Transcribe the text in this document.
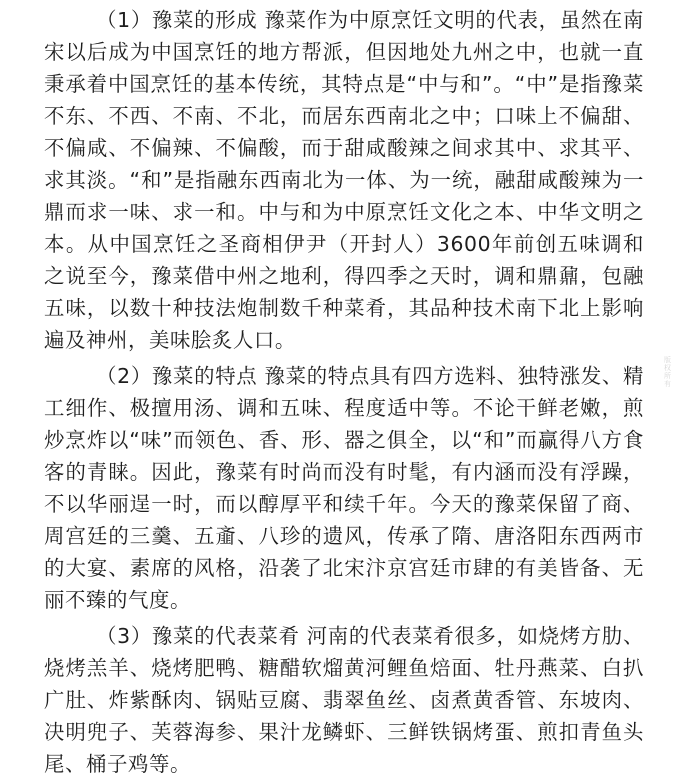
（1）豫菜的形成 豫菜作为中原烹饪文明的代表，虽然在南宋以后成为中国烹饪的地方帮派，但因地处九州之中，也就一直秉承着中国烹饪的基本传统，其特点是“中与和”。“中”是指豫菜不东、不西、不南、不北，而居东西南北之中；口味上不偏甜、不偏咸、不偏辣、不偏酸，而于甜咸酸辣之间求其中、求其平、求其淡。“和”是指融东西南北为一体、为一统，融甜咸酸辣为一鼎而求一味、求一和。中与和为中原烹饪文化之本、中华文明之本。从中国烹饪之圣商相伊尹（开封人）3600年前创五味调和之说至今，豫菜借中州之地利，得四季之天时，调和鼎鼐，包融五味，以数十种技法炮制数千种菜肴，其品种技术南下北上影响遍及神州，美味脍炙人口。

（2）豫菜的特点 豫菜的特点具有四方选料、独特涨发、精工细作、极擅用汤、调和五味、程度适中等。不论干鲜老嫩，煎炒烹炸以“味”而领色、香、形、器之俱全，以“和”而赢得八方食客的青睐。因此，豫菜有时尚而没有时髦，有内涵而没有浮躁，不以华丽逞一时，而以醇厚平和续千年。今天的豫菜保留了商、周宫廷的三羹、五齑、八珍的遗风，传承了隋、唐洛阳东西两市的大宴、素席的风格，沿袭了北宋汴京宫廷市肆的有美皆备、无丽不臻的气度。

（3）豫菜的代表菜肴 河南的代表菜肴很多，如烧烤方肋、烧烤羔羊、烧烤肥鸭、糖醋软熘黄河鲤鱼焙面、牡丹燕菜、白扒广肚、炸紫酥肉、锅贴豆腐、翡翠鱼丝、卤煮黄香管、东坡肉、决明兜子、芙蓉海参、果汁龙鳞虾、三鲜铁锅烤蛋、煎扣青鱼头尾、桶子鸡等。

版权所有
